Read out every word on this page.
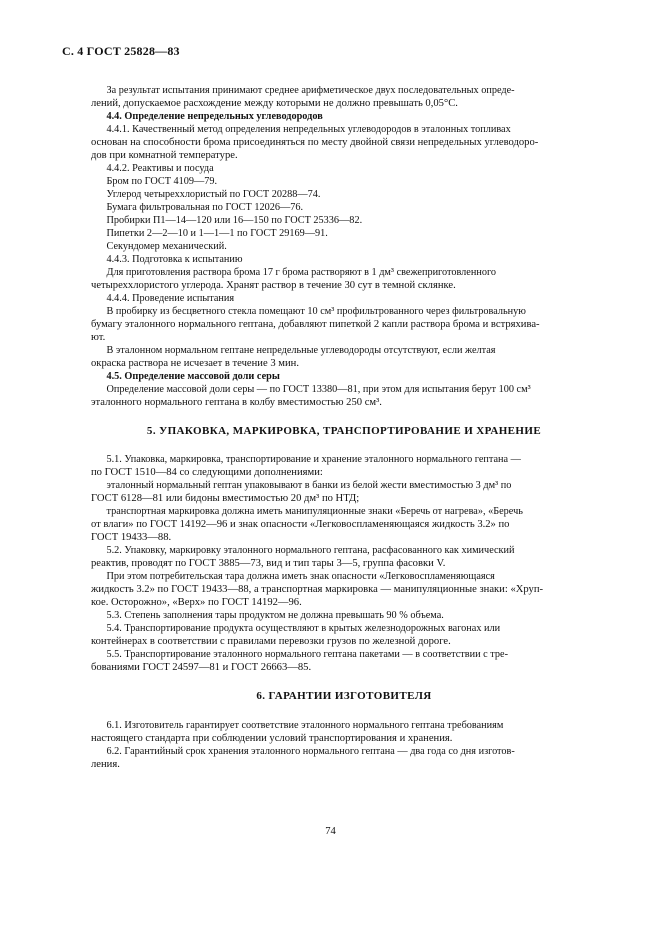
С. 4 ГОСТ 25828—83
За результат испытания принимают среднее арифметическое двух последовательных опреде-
лений, допускаемое расхождение между которыми не должно превышать 0,05°С.
4.4. Определение непредельных углеводородов
4.4.1. Качественный метод определения непредельных углеводородов в эталонных топливах
основан на способности брома присоединяться по месту двойной связи непредельных углеводоро-
дов при комнатной температуре.
4.4.2. Реактивы и посуда
Бром по ГОСТ 4109—79.
Углерод четыреххлористый по ГОСТ 20288—74.
Бумага фильтровальная по ГОСТ 12026—76.
Пробирки П1—14—120 или 16—150 по ГОСТ 25336—82.
Пипетки 2—2—10 и 1—1—1 по ГОСТ 29169—91.
Секундомер механический.
4.4.3. Подготовка к испытанию
Для приготовления раствора брома 17 г брома растворяют в 1 дм³ свежеприготовленного
четыреххлористого углерода. Хранят раствор в течение 30 сут в темной склянке.
4.4.4. Проведение испытания
В пробирку из бесцветного стекла помещают 10 см³ профильтрованного через фильтровальную
бумагу эталонного нормального гептана, добавляют пипеткой 2 капли раствора брома и встряхива-
ют.
В эталонном нормальном гептане непредельные углеводороды отсутствуют, если желтая
окраска раствора не исчезает в течение 3 мин.
4.5. Определение массовой доли серы
Определение массовой доли серы — по ГОСТ 13380—81, при этом для испытания берут 100 см³
эталонного нормального гептана в колбу вместимостью 250 см³.
5. УПАКОВКА, МАРКИРОВКА, ТРАНСПОРТИРОВАНИЕ И ХРАНЕНИЕ
5.1. Упаковка, маркировка, транспортирование и хранение эталонного нормального гептана —
по ГОСТ 1510—84 со следующими дополнениями:
эталонный нормальный гептан упаковывают в банки из белой жести вместимостью 3 дм³ по
ГОСТ 6128—81 или бидоны вместимостью 20 дм³ по НТД;
транспортная маркировка должна иметь манипуляционные знаки «Беречь от нагрева», «Беречь
от влаги» по ГОСТ 14192—96 и знак опасности «Легковоспламеняющаяся жидкость 3.2» по
ГОСТ 19433—88.
5.2. Упаковку, маркировку эталонного нормального гептана, расфасованного как химический
реактив, проводят по ГОСТ 3885—73, вид и тип тары 3—5, группа фасовки V.
При этом потребительская тара должна иметь знак опасности «Легковоспламеняющаяся
жидкость 3.2» по ГОСТ 19433—88, а транспортная маркировка — манипуляционные знаки: «Хруп-
кое. Осторожно», «Верх» по ГОСТ 14192—96.
5.3. Степень заполнения тары продуктом не должна превышать 90 % объема.
5.4. Транспортирование продукта осуществляют в крытых железнодорожных вагонах или
контейнерах в соответствии с правилами перевозки грузов по железной дороге.
5.5. Транспортирование эталонного нормального гептана пакетами — в соответствии с тре-
бованиями ГОСТ 24597—81 и ГОСТ 26663—85.
6. ГАРАНТИИ ИЗГОТОВИТЕЛЯ
6.1. Изготовитель гарантирует соответствие эталонного нормального гептана требованиям
настоящего стандарта при соблюдении условий транспортирования и хранения.
6.2. Гарантийный срок хранения эталонного нормального гептана — два года со дня изготов-
ления.
74
